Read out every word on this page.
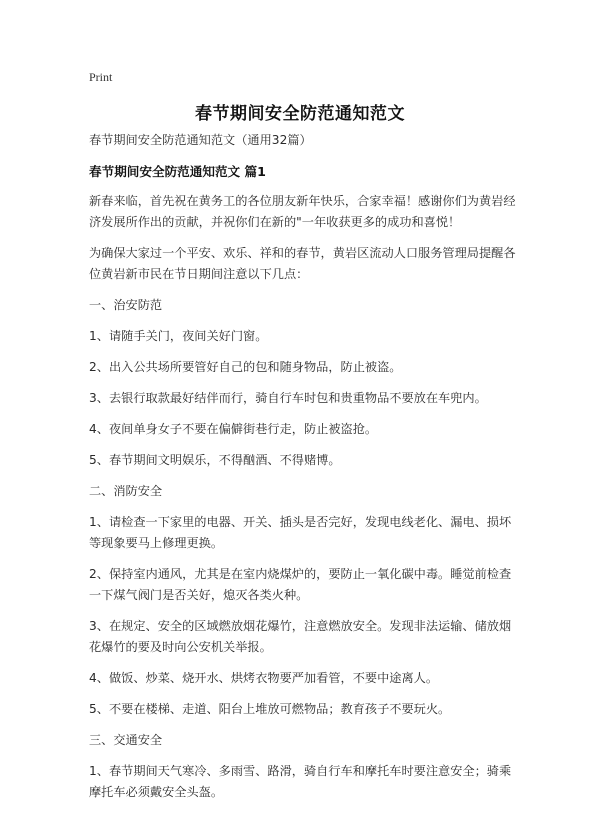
Print
春节期间安全防范通知范文

春节期间安全防范通知范文（通用32篇）

春节期间安全防范通知范文 篇1

新春来临，首先祝在黄务工的各位朋友新年快乐，合家幸福！感谢你们为黄岩经济发展所作出的贡献，并祝你们在新的"一年收获更多的成功和喜悦！

为确保大家过一个平安、欢乐、祥和的春节，黄岩区流动人口服务管理局提醒各位黄岩新市民在节日期间注意以下几点：

一、治安防范

1、请随手关门，夜间关好门窗。

2、出入公共场所要管好自己的包和随身物品，防止被盗。

3、去银行取款最好结伴而行，骑自行车时包和贵重物品不要放在车兜内。

4、夜间单身女子不要在偏僻街巷行走，防止被盗抢。

5、春节期间文明娱乐，不得酗酒、不得赌博。

二、消防安全

1、请检查一下家里的电器、开关、插头是否完好，发现电线老化、漏电、损坏等现象要马上修理更换。

2、保持室内通风，尤其是在室内烧煤炉的，要防止一氧化碳中毒。睡觉前检查一下煤气阀门是否关好，熄灭各类火种。

3、在规定、安全的区域燃放烟花爆竹，注意燃放安全。发现非法运输、储放烟花爆竹的要及时向公安机关举报。

4、做饭、炒菜、烧开水、烘烤衣物要严加看管，不要中途离人。

5、不要在楼梯、走道、阳台上堆放可燃物品；教育孩子不要玩火。

三、交通安全

1、春节期间天气寒冷、多雨雪、路滑，骑自行车和摩托车时要注意安全；骑乘摩托车必须戴安全头盔。
